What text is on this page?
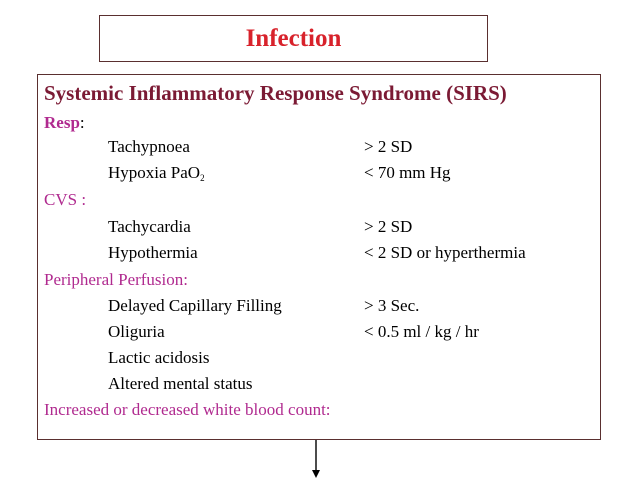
Infection
Systemic Inflammatory Response Syndrome (SIRS)
Resp:
Tachypnoea	> 2 SD
Hypoxia PaO$_2$	< 70 mm Hg
CVS :
Tachycardia	> 2 SD
Hypothermia	< 2 SD or hyperthermia
Peripheral Perfusion:
Delayed Capillary Filling	> 3 Sec.
Oliguria	< 0.5 ml / kg / hr
Lactic acidosis
Altered mental status
Increased or decreased white blood count:
